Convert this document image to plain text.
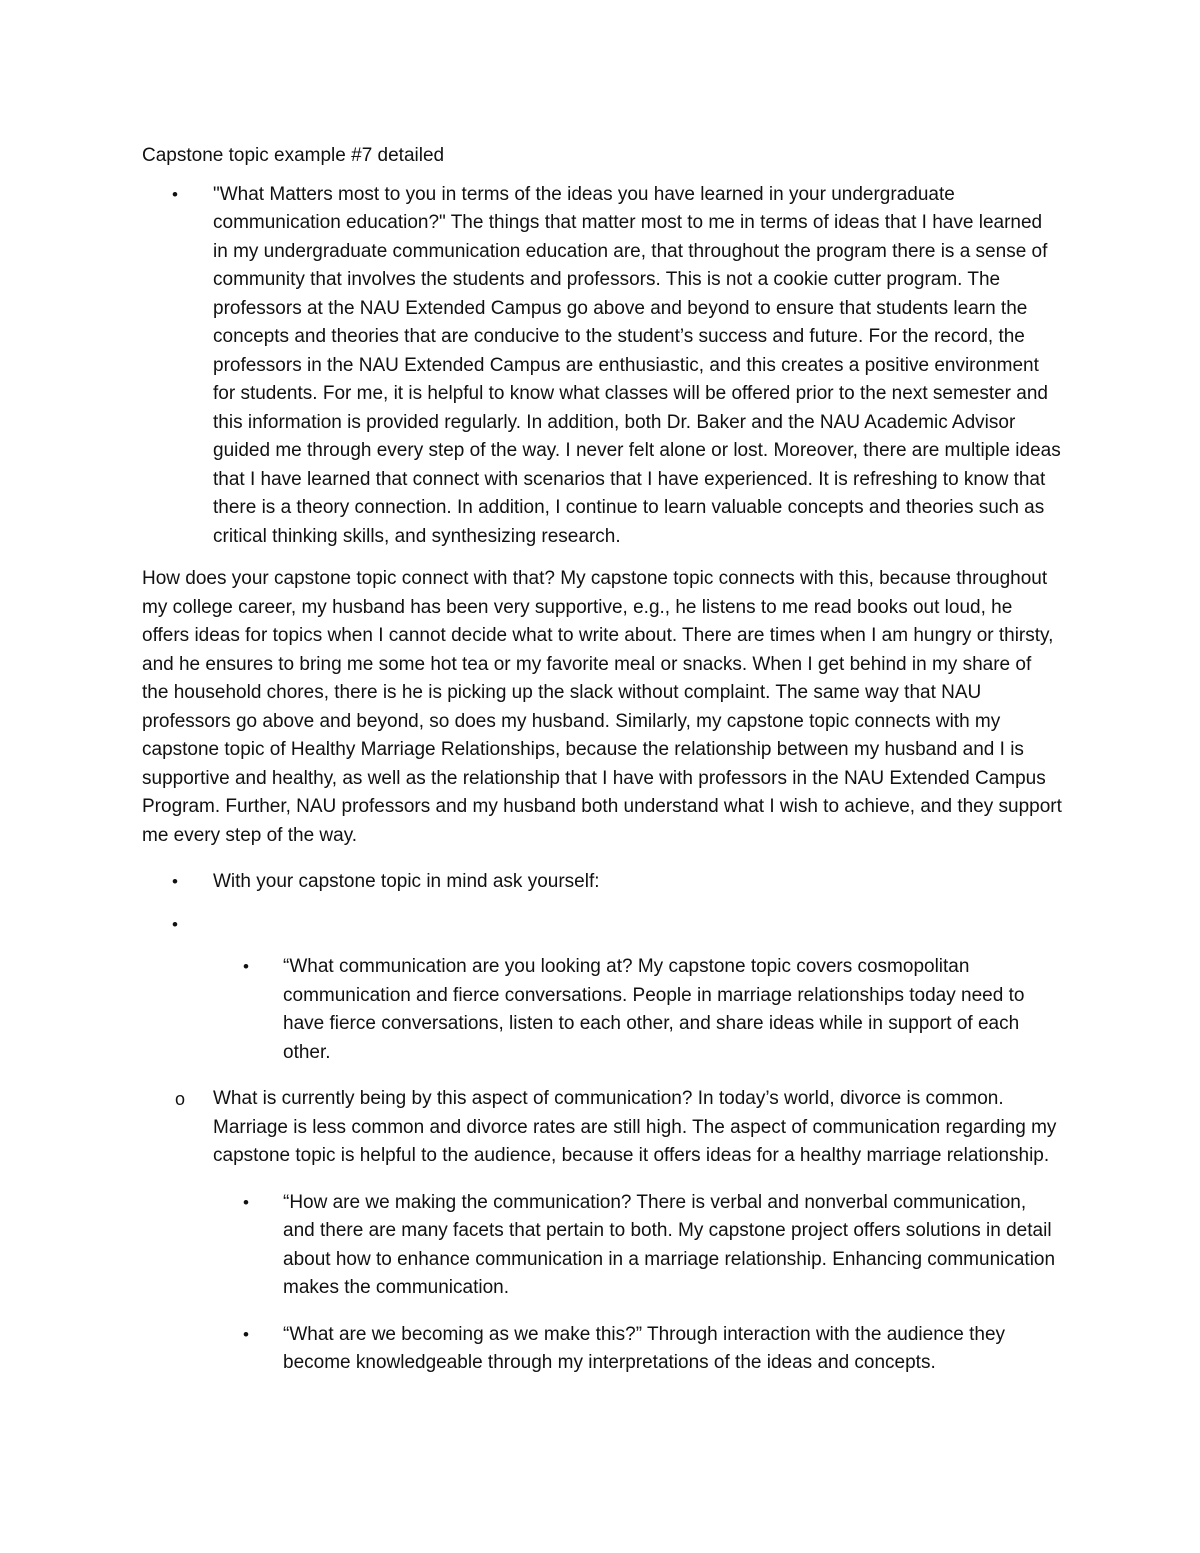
Capstone topic example #7 detailed

• "What Matters most to you in terms of the ideas you have learned in your undergraduate communication education?" The things that matter most to me in terms of ideas that I have learned in my undergraduate communication education are, that throughout the program there is a sense of community that involves the students and professors. This is not a cookie cutter program. The professors at the NAU Extended Campus go above and beyond to ensure that students learn the concepts and theories that are conducive to the student’s success and future. For the record, the professors in the NAU Extended Campus are enthusiastic, and this creates a positive environment for students. For me, it is helpful to know what classes will be offered prior to the next semester and this information is provided regularly. In addition, both Dr. Baker and the NAU Academic Advisor guided me through every step of the way. I never felt alone or lost. Moreover, there are multiple ideas that I have learned that connect with scenarios that I have experienced. It is refreshing to know that there is a theory connection. In addition, I continue to learn valuable concepts and theories such as critical thinking skills, and synthesizing research.

How does your capstone topic connect with that? My capstone topic connects with this, because throughout my college career, my husband has been very supportive, e.g., he listens to me read books out loud, he offers ideas for topics when I cannot decide what to write about. There are times when I am hungry or thirsty, and he ensures to bring me some hot tea or my favorite meal or snacks. When I get behind in my share of the household chores, there is he is picking up the slack without complaint. The same way that NAU professors go above and beyond, so does my husband. Similarly, my capstone topic connects with my capstone topic of Healthy Marriage Relationships, because the relationship between my husband and I is supportive and healthy, as well as the relationship that I have with professors in the NAU Extended Campus Program. Further, NAU professors and my husband both understand what I wish to achieve, and they support me every step of the way.

• With your capstone topic in mind ask yourself:
•
• “What communication are you looking at? My capstone topic covers cosmopolitan communication and fierce conversations. People in marriage relationships today need to have fierce conversations, listen to each other, and share ideas while in support of each other.
o What is currently being by this aspect of communication? In today’s world, divorce is common. Marriage is less common and divorce rates are still high. The aspect of communication regarding my capstone topic is helpful to the audience, because it offers ideas for a healthy marriage relationship.
• “How are we making the communication? There is verbal and nonverbal communication, and there are many facets that pertain to both. My capstone project offers solutions in detail about how to enhance communication in a marriage relationship. Enhancing communication makes the communication.
• “What are we becoming as we make this?” Through interaction with the audience they become knowledgeable through my interpretations of the ideas and concepts.
